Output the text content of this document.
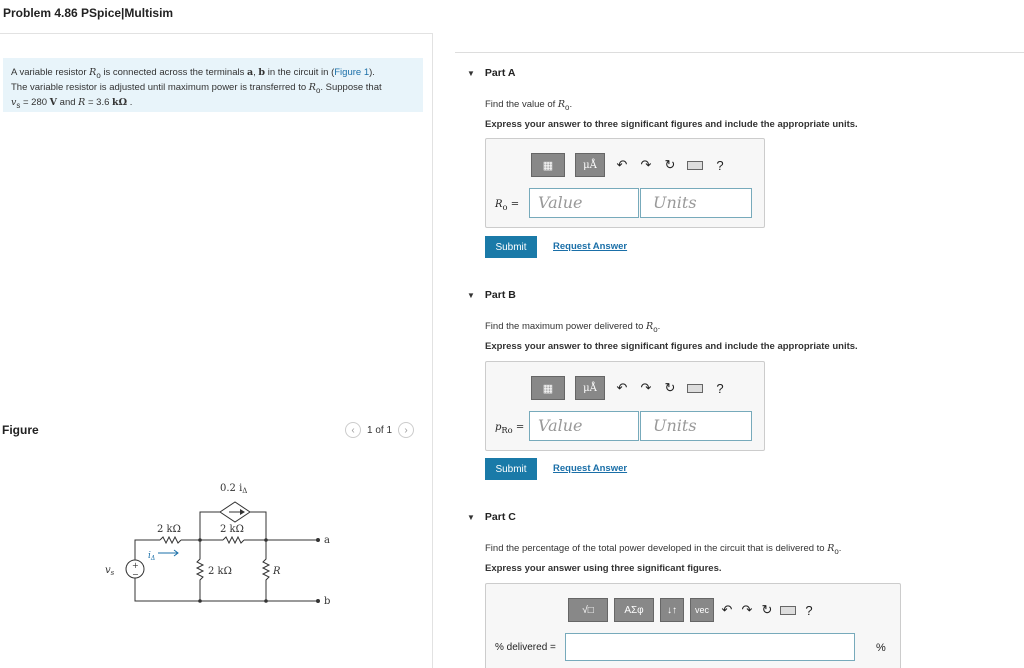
Problem 4.86 PSpice|Multisim
A variable resistor $R_o$ is connected across the terminals a, b in the circuit in (Figure 1).
The variable resistor is adjusted until maximum power is transferred to $R_o$. Suppose that
$v_s = 280$ V and R = 3.6 kΩ .
Figure	‹	1 of 1	›
0.2 $i_\Delta$
2 kΩ	2 kΩ
2 kΩ	R
$v_s$
$i_\Delta$
a
b
+
−
▼ Part A
Find the value of $R_o$.
Express your answer to three significant figures and include the appropriate units.
▦	μÅ	↶ ↷ ↻	?
$R_o$ =	Value	Units
Submit	Request Answer
▼ Part B
Find the maximum power delivered to $R_o$.
Express your answer to three significant figures and include the appropriate units.
▦	μÅ	↶ ↷ ↻	?
$p_{Ro}$ = Value	Units
Submit	Request Answer
▼ Part C
Find the percentage of the total power developed in the circuit that is delivered to $R_o$.
Express your answer using three significant figures.
√□	ΑΣφ	↓↑	vec ↶ ↷ ↻	?
% delivered =	%
